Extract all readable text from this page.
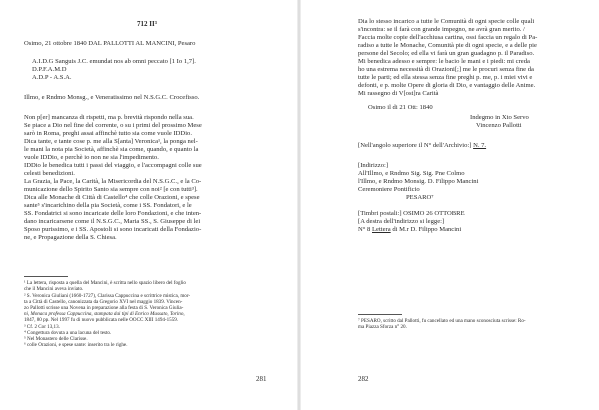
712 II³
Osimo, 21 ottobre 1840 DAL PALLOTTI AL MANCINI, Pesaro
A.I.D.G Sanguis J.C. emundat nos ab omni peccato [1 Io 1,7].
D.P.F.A.M.D
A.D.P - A.S.A.
Illmo, e Rndmo Monsg., e Veneratissimo nel N.S.G.C. Crocefisso.
Non p[er] mancanza di rispetti, ma p. brevità rispondo nella sua.
Se piace a Dio nel fine del corrente, o su i primi del prossimo Mese
sarò in Roma, preghi assai affinchè tutto sia come vuole IDDio.
Dica tante, e tante cose p. me alla S[anta] Veronica¹, la ponga nel-
le mani la nota pia Società, affinchè sia come, quando, e quanto la
vuole IDDio, e perchè io non ne sia l'impedimento.
IDDio le benedica tutti i passi del viaggio, e l'accompagni colle sue
celesti benedizioni.
La Grazia, la Pace, la Carità, la Misericordia del N.S.G.C., e la Co-
municazione dello Spirito Santo sia sempre con noi² [e con tutti³].
Dica alle Monache di Città di Castello⁴ che colle Orazioni, e spese
sante⁵ s'incarichino della pia Società, come i SS. Fondatori, e le
SS. Fondatrici si sono incaricate delle loro Fondazioni, e che inten-
dano incaricarsene come il N.S.G.C., Maria SS., S. Giuseppe di lei
Sposo purissimo, e i SS. Apostoli si sono incaricati della Fondazio-
ne, e Propagazione della S. Chiesa.
¹ La lettera, risposta a quella del Mancini, è scritta nello spazio libero del foglio
che il Mancini aveva inviato.
² S. Veronica Giuliani (1660-1727), Clarissa Cappuccina e scrittrice mistica, mor-
ta a Città di Castello, canonizzata da Gregorio XVI nel maggio 1839. Vincen-
zo Pallotti scrisse una Novena in preparazione alla festa di S. Veronica Giulia-
ni, Monaca professa Cappuccina, stampata dai tipi di Enrico Mussato, Torino,
1847, 80 pp. Nel 1997 fu di nuovo pubblicata nelle OOCC XIII 1494-1559.
³ Cf. 2 Cor 13,13.
⁴ Congettura dovuta a una lacuna del testo.
⁵ Nel Monastero delle Clarisse.
⁶ colle Orazioni, e spese sante: inserito tra le righe.
281
Dia lo stesso incarico a tutte le Comunità di ogni specie colle quali
s'incontra: se il farà con grande impegno, ne avrà gran merito. /
Faccia molte copie dell'acchiusa cartina, ossi faccia un regalo di Pa-
radiso a tutte le Monache, Comunità pie di ogni specie, e a delle pie
persone del Secolo; ed ella vi farà un gran guadagno p. il Paradiso.
Mi benedica adesso e sempre: le bacio le mani e i piedi: mi creda
ho una estrema necessità di Orazioni[;] me le procuri senza fine da
tutte le parti; ed ella stessa senza fine preghi p. me, p. i miei vivi e
defonti, e p. molte Opere di gloria di Dio, e vantaggio delle Anime.
Mi rassegno di V[ost]ra Carità
Osimo il di 21 Ott: 1840
Indegmo in Xto Servo
Vincenzo Pallotti
[Nell'angolo superiore il N° dell'Archivio:] N. 7.
[Indirizzo:]
All'Illmo, e Rndmo Sig. Sig. Pne Colmo
l'Illmo, e Rndmo Monsig. D. Filippo Mancini
Ceremoniere Pontificio
PESARO⁷
[Timbri postali:] OSIMO 26 OTTOBRE
[A destra dell'indirizzo si legge:]
N° 8 Lettera di M.r D. Filippo Mancini
⁷ PESARO, scritto dal Pallotti, fu cancellato ed una mano sconosciuta scrisse: Ro-
ma Piazza Sforza n° 20.
282
